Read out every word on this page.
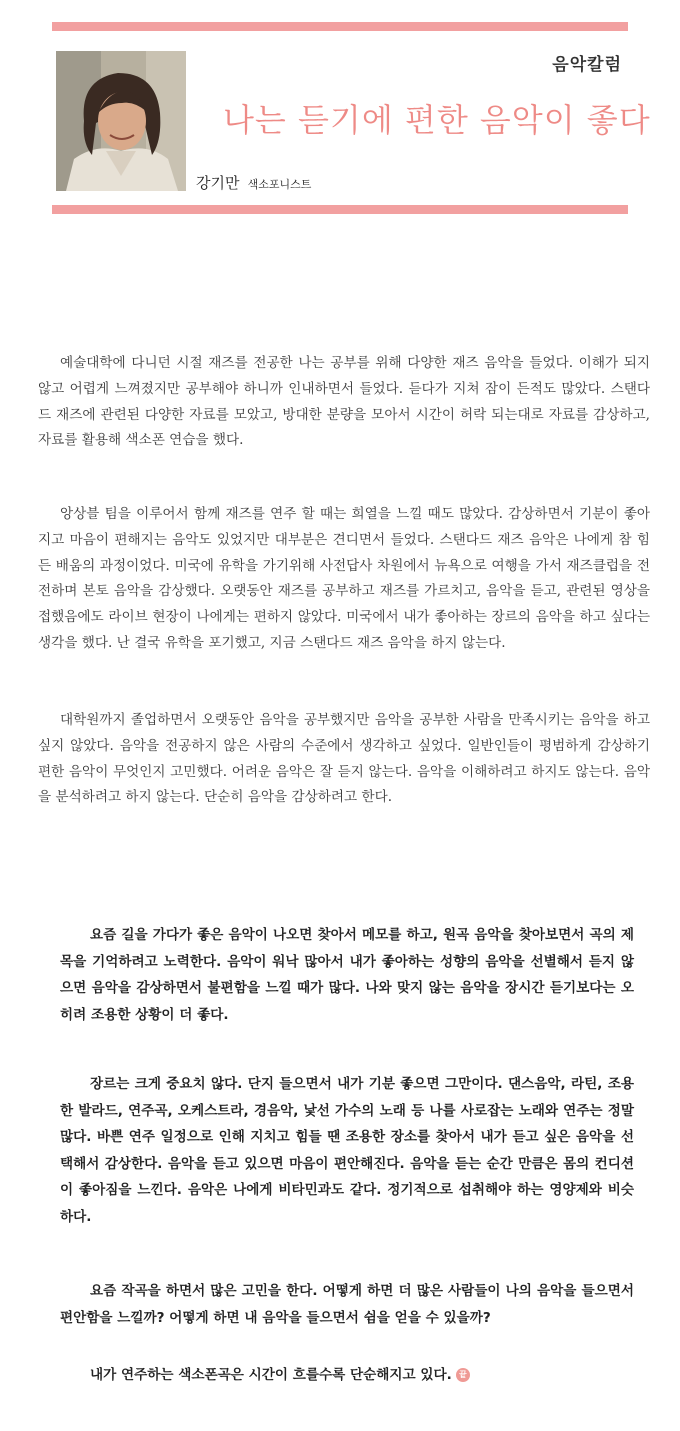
음악칼럼
나는 듣기에 편한 음악이 좋다
강기만 색소포니스트

예술대학에 다니던 시절 재즈를 전공한 나는 공부를 위해 다양한 재즈 음악을 들었다. 이해가 되지 않고 어렵게 느껴졌지만 공부해야 하니까 인내하면서 들었다. 듣다가 지쳐 잠이 든적도 많았다. 스탠다드 재즈에 관련된 다양한 자료를 모았고, 방대한 분량을 모아서 시간이 허락 되는대로 자료를 감상하고, 자료를 활용해 색소폰 연습을 했다.

앙상블 팀을 이루어서 함께 재즈를 연주 할 때는 희열을 느낄 때도 많았다. 감상하면서 기분이 좋아지고 마음이 편해지는 음악도 있었지만 대부분은 견디면서 들었다. 스탠다드 재즈 음악은 나에게 참 힘든 배움의 과정이었다. 미국에 유학을 가기위해 사전답사 차원에서 뉴욕으로 여행을 가서 재즈클럽을 전전하며 본토 음악을 감상했다. 오랫동안 재즈를 공부하고 재즈를 가르치고, 음악을 듣고, 관련된 영상을 접했음에도 라이브 현장이 나에게는 편하지 않았다. 미국에서 내가 좋아하는 장르의 음악을 하고 싶다는 생각을 했다. 난 결국 유학을 포기했고, 지금 스탠다드 재즈 음악을 하지 않는다.

대학원까지 졸업하면서 오랫동안 음악을 공부했지만 음악을 공부한 사람을 만족시키는 음악을 하고 싶지 않았다. 음악을 전공하지 않은 사람의 수준에서 생각하고 싶었다. 일반인들이 평범하게 감상하기 편한 음악이 무엇인지 고민했다. 어려운 음악은 잘 듣지 않는다. 음악을 이해하려고 하지도 않는다. 음악을 분석하려고 하지 않는다. 단순히 음악을 감상하려고 한다.

요즘 길을 가다가 좋은 음악이 나오면 찾아서 메모를 하고, 원곡 음악을 찾아보면서 곡의 제목을 기억하려고 노력한다. 음악이 워낙 많아서 내가 좋아하는 성향의 음악을 선별해서 듣지 않으면 음악을 감상하면서 불편함을 느낄 때가 많다. 나와 맞지 않는 음악을 장시간 듣기보다는 오히려 조용한 상황이 더 좋다.

장르는 크게 중요치 않다. 단지 들으면서 내가 기분 좋으면 그만이다. 댄스음악, 라틴, 조용한 발라드, 연주곡, 오케스트라, 경음악, 낯선 가수의 노래 등 나를 사로잡는 노래와 연주는 정말 많다. 바쁜 연주 일정으로 인해 지치고 힘들 땐 조용한 장소를 찾아서 내가 듣고 싶은 음악을 선택해서 감상한다. 음악을 듣고 있으면 마음이 편안해진다. 음악을 듣는 순간 만큼은 몸의 컨디션이 좋아짐을 느낀다. 음악은 나에게 비타민과도 같다. 정기적으로 섭취해야 하는 영양제와 비슷하다.

요즘 작곡을 하면서 많은 고민을 한다. 어떻게 하면 더 많은 사람들이 나의 음악을 들으면서 편안함을 느낄까? 어떻게 하면 내 음악을 들으면서 쉼을 얻을 수 있을까?

내가 연주하는 색소폰곡은 시간이 흐를수록 단순해지고 있다. 끝
